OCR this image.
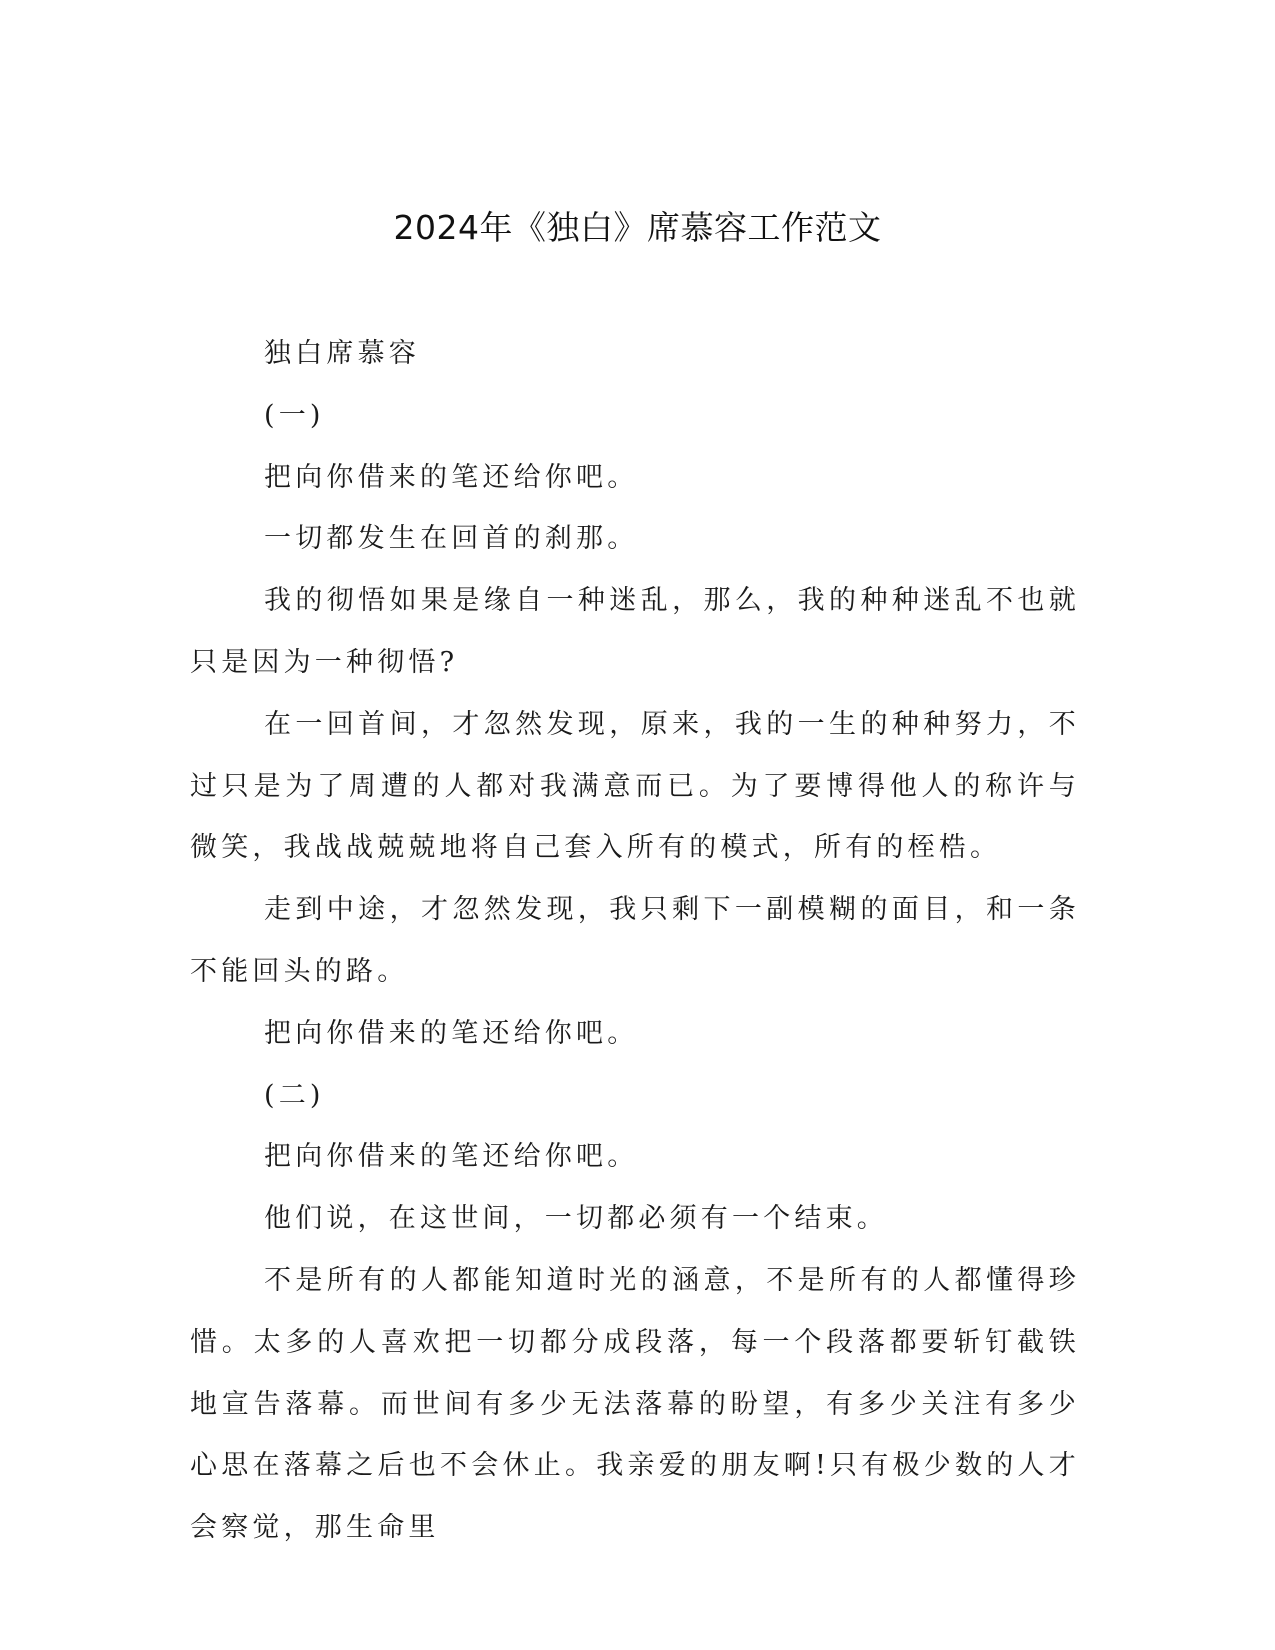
2024年《独白》席慕容工作范文

独白席慕容

(一)

把向你借来的笔还给你吧。

一切都发生在回首的刹那。

我的彻悟如果是缘自一种迷乱，那么，我的种种迷乱不也就只是因为一种彻悟?

在一回首间，才忽然发现，原来，我的一生的种种努力，不过只是为了周遭的人都对我满意而已。为了要博得他人的称许与微笑，我战战兢兢地将自己套入所有的模式，所有的桎梏。

走到中途，才忽然发现，我只剩下一副模糊的面目，和一条不能回头的路。

把向你借来的笔还给你吧。

(二)

把向你借来的笔还给你吧。

他们说，在这世间，一切都必须有一个结束。

不是所有的人都能知道时光的涵意，不是所有的人都懂得珍惜。太多的人喜欢把一切都分成段落，每一个段落都要斩钉截铁地宣告落幕。而世间有多少无法落幕的盼望，有多少关注有多少心思在落幕之后也不会休止。我亲爱的朋友啊!只有极少数的人才会察觉，那生命里
